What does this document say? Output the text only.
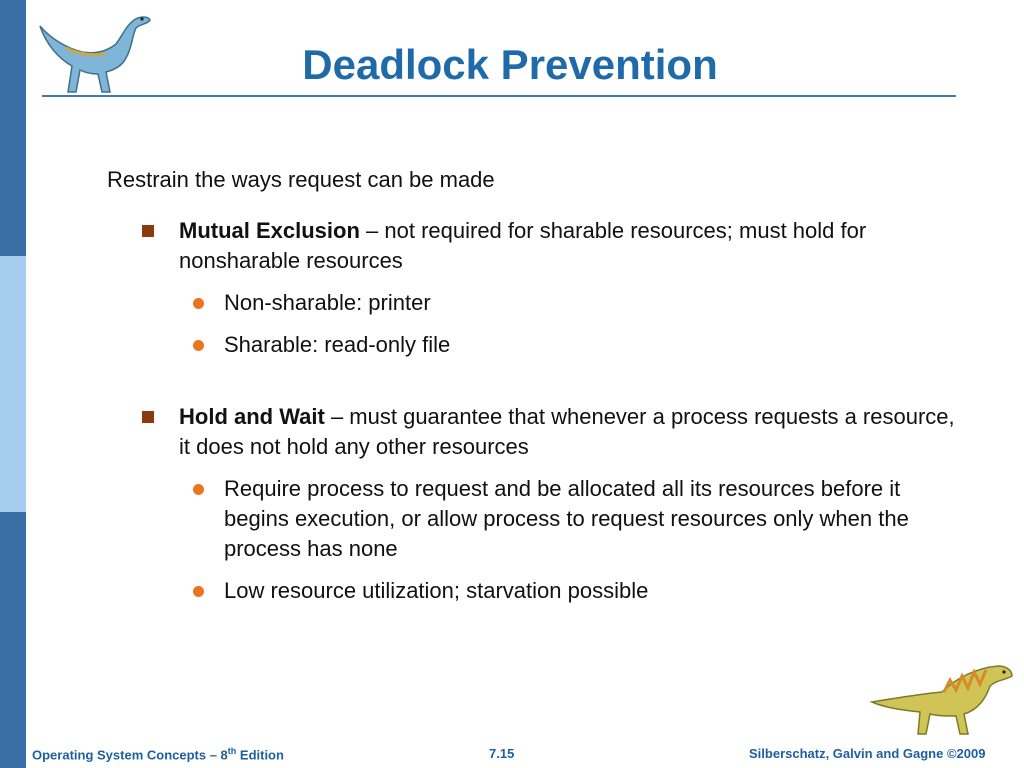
Deadlock Prevention
Restrain the ways request can be made
Mutual Exclusion – not required for sharable resources; must hold for nonsharable resources
Non-sharable: printer
Sharable: read-only file
Hold and Wait – must guarantee that whenever a process requests a resource, it does not hold any other resources
Require process to request and be allocated all its resources before it begins execution, or allow process to request resources only when the process has none
Low resource utilization; starvation possible
Operating System Concepts – 8th Edition	7.15	Silberschatz, Galvin and Gagne ©2009
